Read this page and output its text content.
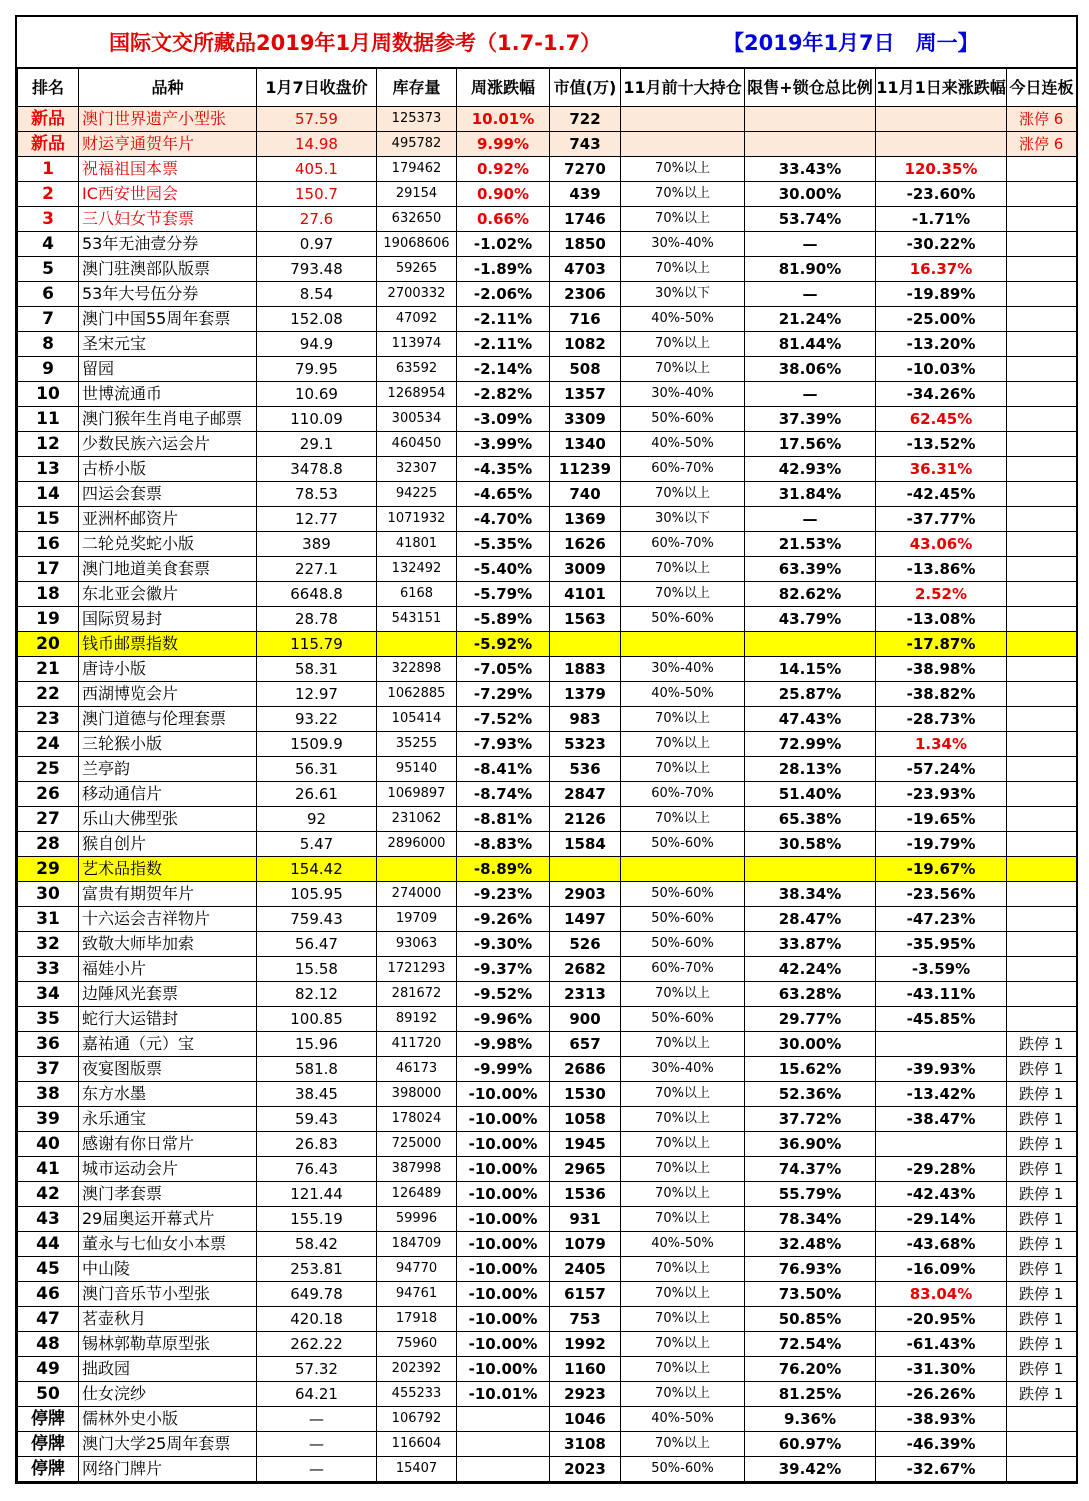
国际文交所藏品2019年1月周数据参考（1.7-1.7）	【2019年1月7日　周一】
排名	品种	1月7日收盘价	库存量	周涨跌幅	市值(万)	11月前十大持仓	限售+锁仓总比例	11月1日来涨跌幅	今日连板
新品	澳门世界遗产小型张	57.59	125373	10.01%	722				涨停 6
新品	财运亨通贺年片	14.98	495782	9.99%	743				涨停 6
1	祝福祖国本票	405.1	179462	0.92%	7270	70%以上	33.43%	120.35%	
2	IC西安世园会	150.7	29154	0.90%	439	70%以上	30.00%	-23.60%	
3	三八妇女节套票	27.6	632650	0.66%	1746	70%以上	53.74%	-1.71%	
4	53年无油壹分券	0.97	19068606	-1.02%	1850	30%-40%	—	-30.22%	
5	澳门驻澳部队版票	793.48	59265	-1.89%	4703	70%以上	81.90%	16.37%	
6	53年大号伍分券	8.54	2700332	-2.06%	2306	30%以下	—	-19.89%	
7	澳门中国55周年套票	152.08	47092	-2.11%	716	40%-50%	21.24%	-25.00%	
8	圣宋元宝	94.9	113974	-2.11%	1082	70%以上	81.44%	-13.20%	
9	留园	79.95	63592	-2.14%	508	70%以上	38.06%	-10.03%	
10	世博流通币	10.69	1268954	-2.82%	1357	30%-40%	—	-34.26%	
11	澳门猴年生肖电子邮票	110.09	300534	-3.09%	3309	50%-60%	37.39%	62.45%	
12	少数民族六运会片	29.1	460450	-3.99%	1340	40%-50%	17.56%	-13.52%	
13	古桥小版	3478.8	32307	-4.35%	11239	60%-70%	42.93%	36.31%	
14	四运会套票	78.53	94225	-4.65%	740	70%以上	31.84%	-42.45%	
15	亚洲杯邮资片	12.77	1071932	-4.70%	1369	30%以下	—	-37.77%	
16	二轮兑奖蛇小版	389	41801	-5.35%	1626	60%-70%	21.53%	43.06%	
17	澳门地道美食套票	227.1	132492	-5.40%	3009	70%以上	63.39%	-13.86%	
18	东北亚会徽片	6648.8	6168	-5.79%	4101	70%以上	82.62%	2.52%	
19	国际贸易封	28.78	543151	-5.89%	1563	50%-60%	43.79%	-13.08%	
20	钱币邮票指数	115.79		-5.92%				-17.87%	
21	唐诗小版	58.31	322898	-7.05%	1883	30%-40%	14.15%	-38.98%	
22	西湖博览会片	12.97	1062885	-7.29%	1379	40%-50%	25.87%	-38.82%	
23	澳门道德与伦理套票	93.22	105414	-7.52%	983	70%以上	47.43%	-28.73%	
24	三轮猴小版	1509.9	35255	-7.93%	5323	70%以上	72.99%	1.34%	
25	兰亭韵	56.31	95140	-8.41%	536	70%以上	28.13%	-57.24%	
26	移动通信片	26.61	1069897	-8.74%	2847	60%-70%	51.40%	-23.93%	
27	乐山大佛型张	92	231062	-8.81%	2126	70%以上	65.38%	-19.65%	
28	猴自创片	5.47	2896000	-8.83%	1584	50%-60%	30.58%	-19.79%	
29	艺术品指数	154.42		-8.89%				-19.67%	
30	富贵有期贺年片	105.95	274000	-9.23%	2903	50%-60%	38.34%	-23.56%	
31	十六运会吉祥物片	759.43	19709	-9.26%	1497	50%-60%	28.47%	-47.23%	
32	致敬大师毕加索	56.47	93063	-9.30%	526	50%-60%	33.87%	-35.95%	
33	福娃小片	15.58	1721293	-9.37%	2682	60%-70%	42.24%	-3.59%	
34	边陲风光套票	82.12	281672	-9.52%	2313	70%以上	63.28%	-43.11%	
35	蛇行大运错封	100.85	89192	-9.96%	900	50%-60%	29.77%	-45.85%	
36	嘉祐通（元）宝	15.96	411720	-9.98%	657	70%以上	30.00%		跌停 1
37	夜宴图版票	581.8	46173	-9.99%	2686	30%-40%	15.62%	-39.93%	跌停 1
38	东方水墨	38.45	398000	-10.00%	1530	70%以上	52.36%	-13.42%	跌停 1
39	永乐通宝	59.43	178024	-10.00%	1058	70%以上	37.72%	-38.47%	跌停 1
40	感谢有你日常片	26.83	725000	-10.00%	1945	70%以上	36.90%		跌停 1
41	城市运动会片	76.43	387998	-10.00%	2965	70%以上	74.37%	-29.28%	跌停 1
42	澳门孝套票	121.44	126489	-10.00%	1536	70%以上	55.79%	-42.43%	跌停 1
43	29届奥运开幕式片	155.19	59996	-10.00%	931	70%以上	78.34%	-29.14%	跌停 1
44	董永与七仙女小本票	58.42	184709	-10.00%	1079	40%-50%	32.48%	-43.68%	跌停 1
45	中山陵	253.81	94770	-10.00%	2405	70%以上	76.93%	-16.09%	跌停 1
46	澳门音乐节小型张	649.78	94761	-10.00%	6157	70%以上	73.50%	83.04%	跌停 1
47	茗壶秋月	420.18	17918	-10.00%	753	70%以上	50.85%	-20.95%	跌停 1
48	锡林郭勒草原型张	262.22	75960	-10.00%	1992	70%以上	72.54%	-61.43%	跌停 1
49	拙政园	57.32	202392	-10.00%	1160	70%以上	76.20%	-31.30%	跌停 1
50	仕女浣纱	64.21	455233	-10.01%	2923	70%以上	81.25%	-26.26%	跌停 1
停牌	儒林外史小版	—	106792		1046	40%-50%	9.36%	-38.93%	
停牌	澳门大学25周年套票	—	116604		3108	70%以上	60.97%	-46.39%	
停牌	网络门牌片	—	15407		2023	50%-60%	39.42%	-32.67%	
